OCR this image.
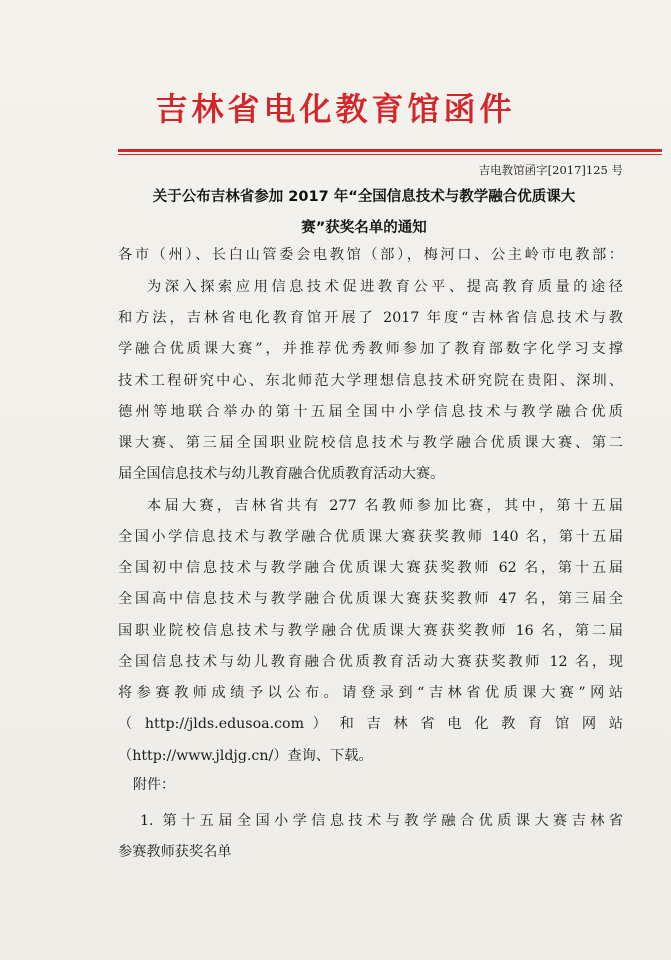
吉林省电化教育馆函件
吉电教馆函字[2017]125 号
关于公布吉林省参加 2017 年“全国信息技术与教学融合优质课大
赛”获奖名单的通知
各市（州）、长白山管委会电教馆（部），梅河口、公主岭市电教部：
为深入探索应用信息技术促进教育公平、提高教育质量的途径
和方法，吉林省电化教育馆开展了 2017 年度“吉林省信息技术与教
学融合优质课大赛”，并推荐优秀教师参加了教育部数字化学习支撑
技术工程研究中心、东北师范大学理想信息技术研究院在贵阳、深圳、
德州等地联合举办的第十五届全国中小学信息技术与教学融合优质
课大赛、第三届全国职业院校信息技术与教学融合优质课大赛、第二
届全国信息技术与幼儿教育融合优质教育活动大赛。
本届大赛，吉林省共有 277 名教师参加比赛，其中，第十五届
全国小学信息技术与教学融合优质课大赛获奖教师 140 名，第十五届
全国初中信息技术与教学融合优质课大赛获奖教师 62 名，第十五届
全国高中信息技术与教学融合优质课大赛获奖教师 47 名，第三届全
国职业院校信息技术与教学融合优质课大赛获奖教师 16 名，第二届
全国信息技术与幼儿教育融合优质教育活动大赛获奖教师 12 名，现
将参赛教师成绩予以公布。请登录到“吉林省优质课大赛”网站
（ http://jlds.edusoa.com ） 和 吉 林 省 电 化 教 育 馆 网 站
（http://www.jldjg.cn/）查询、下载。
附件：
1. 第十五届全国小学信息技术与教学融合优质课大赛吉林省
参赛教师获奖名单
